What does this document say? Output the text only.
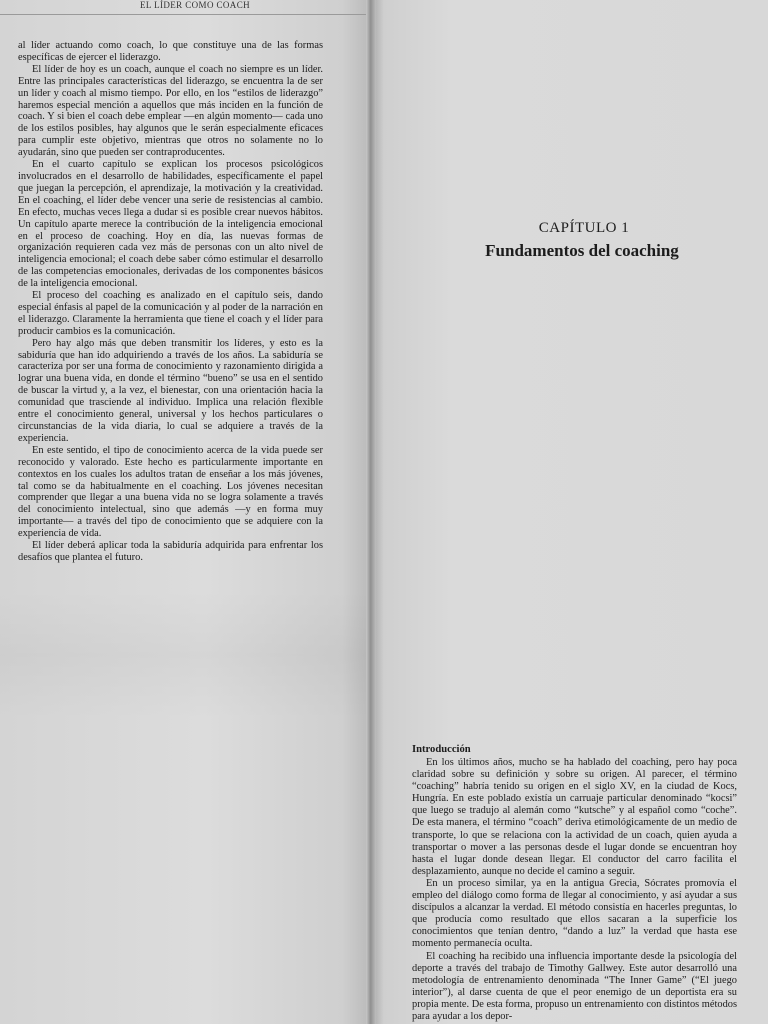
EL LÍDER COMO COACH

al líder actuando como coach, lo que constituye una de las formas específicas de ejercer el liderazgo.

El líder de hoy es un coach, aunque el coach no siempre es un líder. Entre las principales características del liderazgo, se encuentra la de ser un líder y coach al mismo tiempo. Por ello, en los “estilos de liderazgo” haremos especial mención a aquellos que más inciden en la función de coach. Y si bien el coach debe emplear —en algún momento— cada uno de los estilos posibles, hay algunos que le serán especialmente eficaces para cumplir este objetivo, mientras que otros no solamente no lo ayudarán, sino que pueden ser contraproducentes.

En el cuarto capítulo se explican los procesos psicológicos involucrados en el desarrollo de habilidades, específicamente el papel que juegan la percepción, el aprendizaje, la motivación y la creatividad. En el coaching, el líder debe vencer una serie de resistencias al cambio. En efecto, muchas veces llega a dudar si es posible crear nuevos hábitos. Un capítulo aparte merece la contribución de la inteligencia emocional en el proceso de coaching. Hoy en día, las nuevas formas de organización requieren cada vez más de personas con un alto nivel de inteligencia emocional; el coach debe saber cómo estimular el desarrollo de las competencias emocionales, derivadas de los componentes básicos de la inteligencia emocional.

El proceso del coaching es analizado en el capítulo seis, dando especial énfasis al papel de la comunicación y al poder de la narración en el liderazgo. Claramente la herramienta que tiene el coach y el líder para producir cambios es la comunicación.

Pero hay algo más que deben transmitir los líderes, y esto es la sabiduría que han ido adquiriendo a través de los años. La sabiduría se caracteriza por ser una forma de conocimiento y razonamiento dirigida a lograr una buena vida, en donde el término “bueno” se usa en el sentido de buscar la virtud y, a la vez, el bienestar, con una orientación hacia la comunidad que trasciende al individuo. Implica una relación flexible entre el conocimiento general, universal y los hechos particulares o circunstancias de la vida diaria, lo cual se adquiere a través de la experiencia.

En este sentido, el tipo de conocimiento acerca de la vida puede ser reconocido y valorado. Este hecho es particularmente importante en contextos en los cuales los adultos tratan de enseñar a los más jóvenes, tal como se da habitualmente en el coaching. Los jóvenes necesitan comprender que llegar a una buena vida no se logra solamente a través del conocimiento intelectual, sino que además —y en forma muy importante— a través del tipo de conocimiento que se adquiere con la experiencia de vida.

El líder deberá aplicar toda la sabiduría adquirida para enfrentar los desafíos que plantea el futuro.

CAPÍTULO 1
Fundamentos del coaching
Introducción

En los últimos años, mucho se ha hablado del coaching, pero hay poca claridad sobre su definición y sobre su origen. Al parecer, el término “coaching” habría tenido su origen en el siglo XV, en la ciudad de Kocs, Hungría. En este poblado existía un carruaje particular denominado “kocsi” que luego se tradujo al alemán como “kutsche” y al español como “coche”. De esta manera, el término “coach” deriva etimológicamente de un medio de transporte, lo que se relaciona con la actividad de un coach, quien ayuda a transportar o mover a las personas desde el lugar donde se encuentran hoy hasta el lugar donde desean llegar. El conductor del carro facilita el desplazamiento, aunque no decide el camino a seguir.

En un proceso similar, ya en la antigua Grecia, Sócrates promovía el empleo del diálogo como forma de llegar al conocimiento, y así ayudar a sus discípulos a alcanzar la verdad. El método consistía en hacerles preguntas, lo que producía como resultado que ellos sacaran a la superficie los conocimientos que tenían dentro, “dando a luz” la verdad que hasta ese momento permanecía oculta.

El coaching ha recibido una influencia importante desde la psicología del deporte a través del trabajo de Timothy Gallwey. Este autor desarrolló una metodología de entrenamiento denominada “The Inner Game” (“El juego interior”), al darse cuenta de que el peor enemigo de un deportista era su propia mente. De esta forma, propuso un entrenamiento con distintos métodos para ayudar a los depor-
